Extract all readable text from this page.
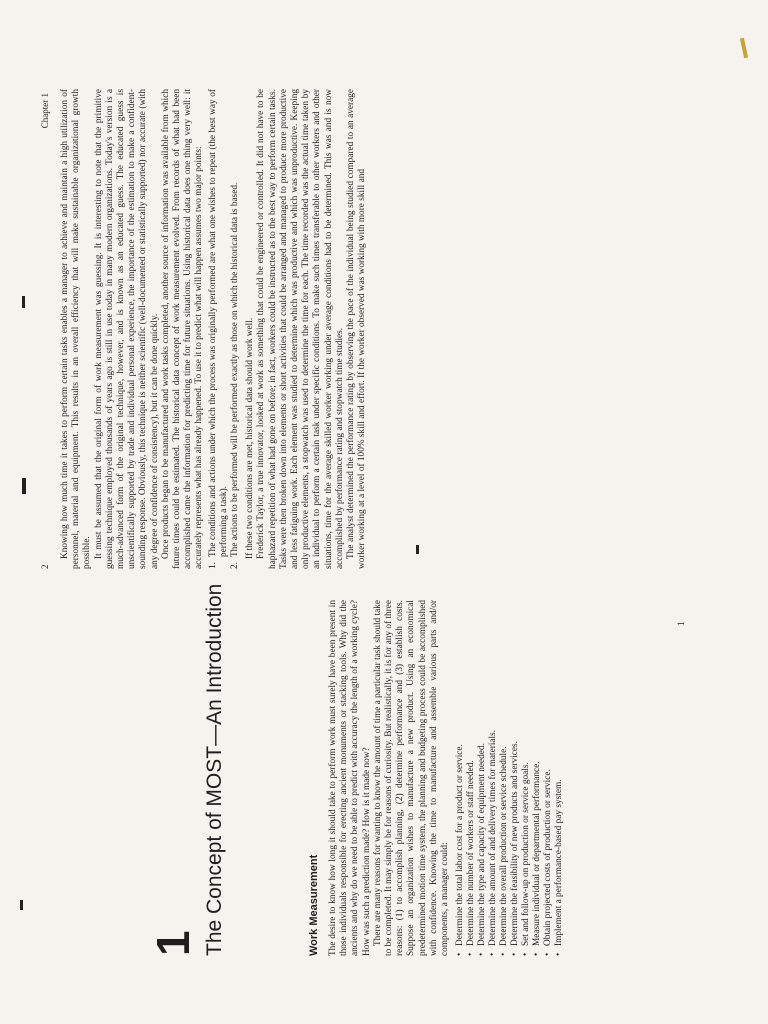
1 The Concept of MOST—An Introduction	Work Measurement The desire to know how long it should take to perform work must surely have been present in those individuals responsible for erecting ancient monuments or stacking tools. Why did the ancients and why do we need to be able to predict with accuracy the length of a working cycle? How was such a prediction made? How is it made now? There are many reasons for wanting to know the amount of time a particular task should take to be completed. It may simply be for reasons of curiosity. But realistically, it is for any of three reasons: (1) to accomplish planning, (2) determine performance and (3) establish costs. Suppose an organization wishes to manufacture a new product. Using an economical predetermined motion time system, the planning and budgeting process could be accomplished with confidence. Knowing the time to manufacture and assemble various parts and/or components, a manager could: • Determine the total labor cost for a product or service. • Determine the number of workers or staff needed. • Determine the type and capacity of equipment needed. • Determine the amount of and delivery times for materials. • Determine the overall production or service schedule. • Determine the feasibility of new products and services. • Set and follow-up on production or service goals. • Measure individual or departmental performance. • Obtain projected costs of production or service. • Implement a performance-based pay system.
1
2
Chapter 1 Knowing how much time it takes to perform certain tasks enables a manager to achieve and maintain a high utilization of personnel, material and equipment. This results in an overall efficiency that will make sustainable organizational growth possible. It must be assumed that the original form of work measurement was guessing. It is interesting to note that the primitive guessing technique employed thousands of years ago is still in use today in many modern organizations. Today's version is a much-advanced form of the original technique, however, and is known as an educated guess. The educated guess is unscientifically supported by trade and individual personal experience, the importance of the estimation to make a confident-sounding response. Obviously, this technique is neither scientific (well-documented or statistically supported) nor accurate (with any degree of confidence of consistency), but it can be done quickly. Once products began to be manufactured and work tasks completed, another source of information was available from which future times could be estimated. The historical data concept of work measurement evolved. From records of what had been accomplished came the information for predicting time for future situations. Using historical data does one thing very well: it accurately represents what has already happened. To use it to predict what will happen assumes two major points: 1.
The conditions and actions under which the process was originally performed are what one wishes to repeat (the best way of performing a task).
2.
The actions to be performed will be performed exactly as those on which the historical data is based. If these two conditions are met, historical data should work well. Frederick Taylor, a true innovator, looked at work as something that could be engineered or controlled. It did not have to be haphazard repetition of what had gone on before; in fact, workers could be instructed as to the best way to perform certain tasks. Tasks were then broken down into elements or short activities that could be arranged and managed to produce more productive and less fatiguing work. Each element was studied to determine which was productive and which was unproductive. Keeping only productive elements, a stopwatch was used to determine the time for each. The time recorded was the actual time taken by an individual to perform a certain task under specific conditions. To make such times transferable to other workers and other situations, time for the average skilled worker working under average conditions had to be determined. This was and is now accomplished by performance rating and stopwatch time studies. The analyst determined the performance rating by observing the pace of the individual being studied compared to an average worker working at a level of 100% skill and effort. If the worker observed was working with more skill and
